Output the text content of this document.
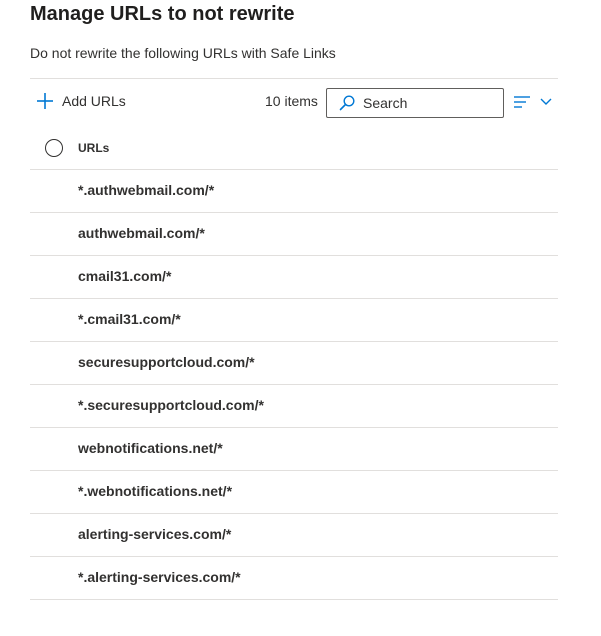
Manage URLs to not rewrite
Do not rewrite the following URLs with Safe Links
Add URLs	10 items
Search
URLs
*.authwebmail.com/*
authwebmail.com/*
cmail31.com/*
*.cmail31.com/*
securesupportcloud.com/*
*.securesupportcloud.com/*
webnotifications.net/*
*.webnotifications.net/*
alerting-services.com/*
*.alerting-services.com/*
